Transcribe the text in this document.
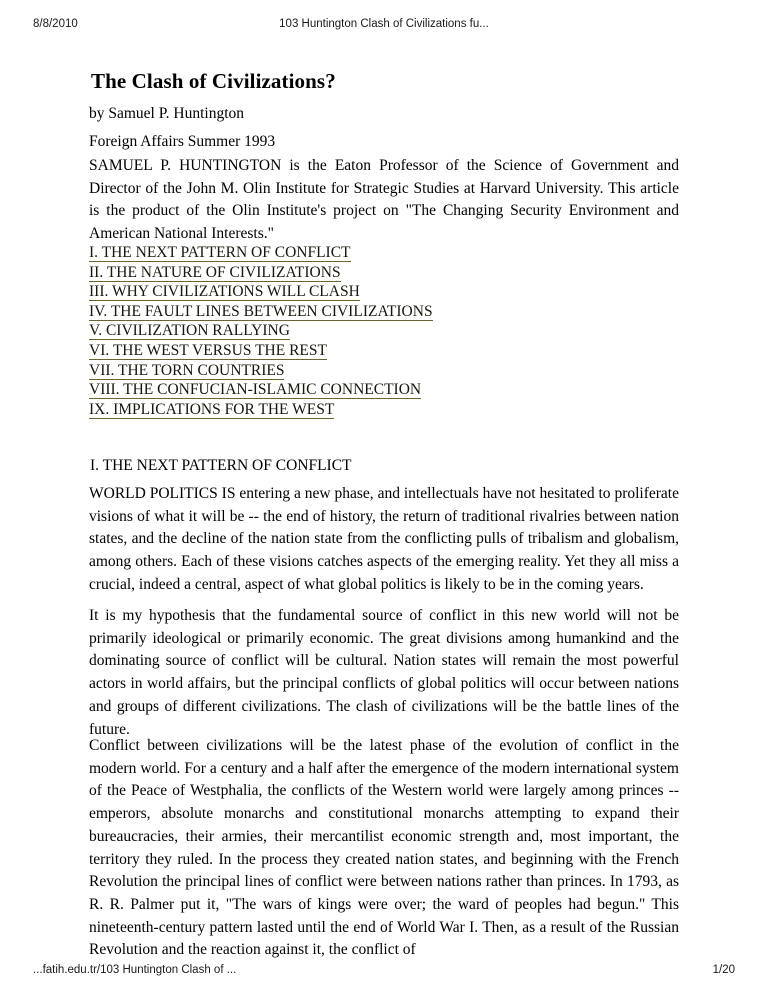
8/8/2010	103 Huntington Clash of Civilizations fu...
The Clash of Civilizations?
by Samuel P. Huntington
Foreign Affairs Summer 1993
SAMUEL P. HUNTINGTON is the Eaton Professor of the Science of Government and Director of the John M. Olin Institute for Strategic Studies at Harvard University. This article is the product of the Olin Institute's project on "The Changing Security Environment and American National Interests."
I. THE NEXT PATTERN OF CONFLICT
II. THE NATURE OF CIVILIZATIONS
III. WHY CIVILIZATIONS WILL CLASH
IV. THE FAULT LINES BETWEEN CIVILIZATIONS
V. CIVILIZATION RALLYING
VI. THE WEST VERSUS THE REST
VII. THE TORN COUNTRIES
VIII. THE CONFUCIAN-ISLAMIC CONNECTION
IX. IMPLICATIONS FOR THE WEST
I. THE NEXT PATTERN OF CONFLICT

WORLD POLITICS IS entering a new phase, and intellectuals have not hesitated to proliferate visions of what it will be -- the end of history, the return of traditional rivalries between nation states, and the decline of the nation state from the conflicting pulls of tribalism and globalism, among others. Each of these visions catches aspects of the emerging reality. Yet they all miss a crucial, indeed a central, aspect of what global politics is likely to be in the coming years.

It is my hypothesis that the fundamental source of conflict in this new world will not be primarily ideological or primarily economic. The great divisions among humankind and the dominating source of conflict will be cultural. Nation states will remain the most powerful actors in world affairs, but the principal conflicts of global politics will occur between nations and groups of different civilizations. The clash of civilizations will be the battle lines of the future.

Conflict between civilizations will be the latest phase of the evolution of conflict in the modern world. For a century and a half after the emergence of the modern international system of the Peace of Westphalia, the conflicts of the Western world were largely among princes -- emperors, absolute monarchs and constitutional monarchs attempting to expand their bureaucracies, their armies, their mercantilist economic strength and, most important, the territory they ruled. In the process they created nation states, and beginning with the French Revolution the principal lines of conflict were between nations rather than princes. In 1793, as R. R. Palmer put it, "The wars of kings were over; the ward of peoples had begun." This nineteenth-century pattern lasted until the end of World War I. Then, as a result of the Russian Revolution and the reaction against it, the conflict of

...fatih.edu.tr/103 Huntington Clash of ...	1/20
